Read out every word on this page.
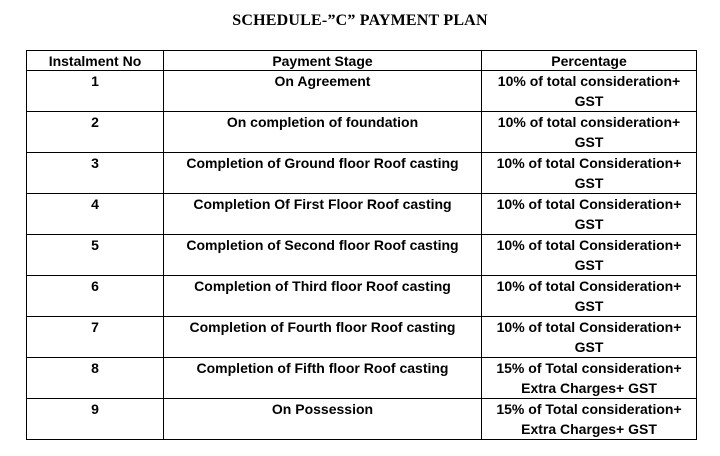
SCHEDULE-”C” PAYMENT PLAN
Instalment No	Payment Stage	Percentage
1	On Agreement	10% of total consideration+
GST

2	On completion of foundation	10% of total consideration+
GST

3	Completion of Ground floor Roof casting	10% of total Consideration+
GST

4	Completion Of First Floor Roof casting	10% of total Consideration+
GST

5	Completion of Second floor Roof casting	10% of total Consideration+
GST

6	Completion of Third floor Roof casting	10% of total Consideration+
GST

7	Completion of Fourth floor Roof casting	10% of total Consideration+
GST

8	Completion of Fifth floor Roof casting	15% of Total consideration+
Extra Charges+ GST

9	On Possession	15% of Total consideration+
Extra Charges+ GST
